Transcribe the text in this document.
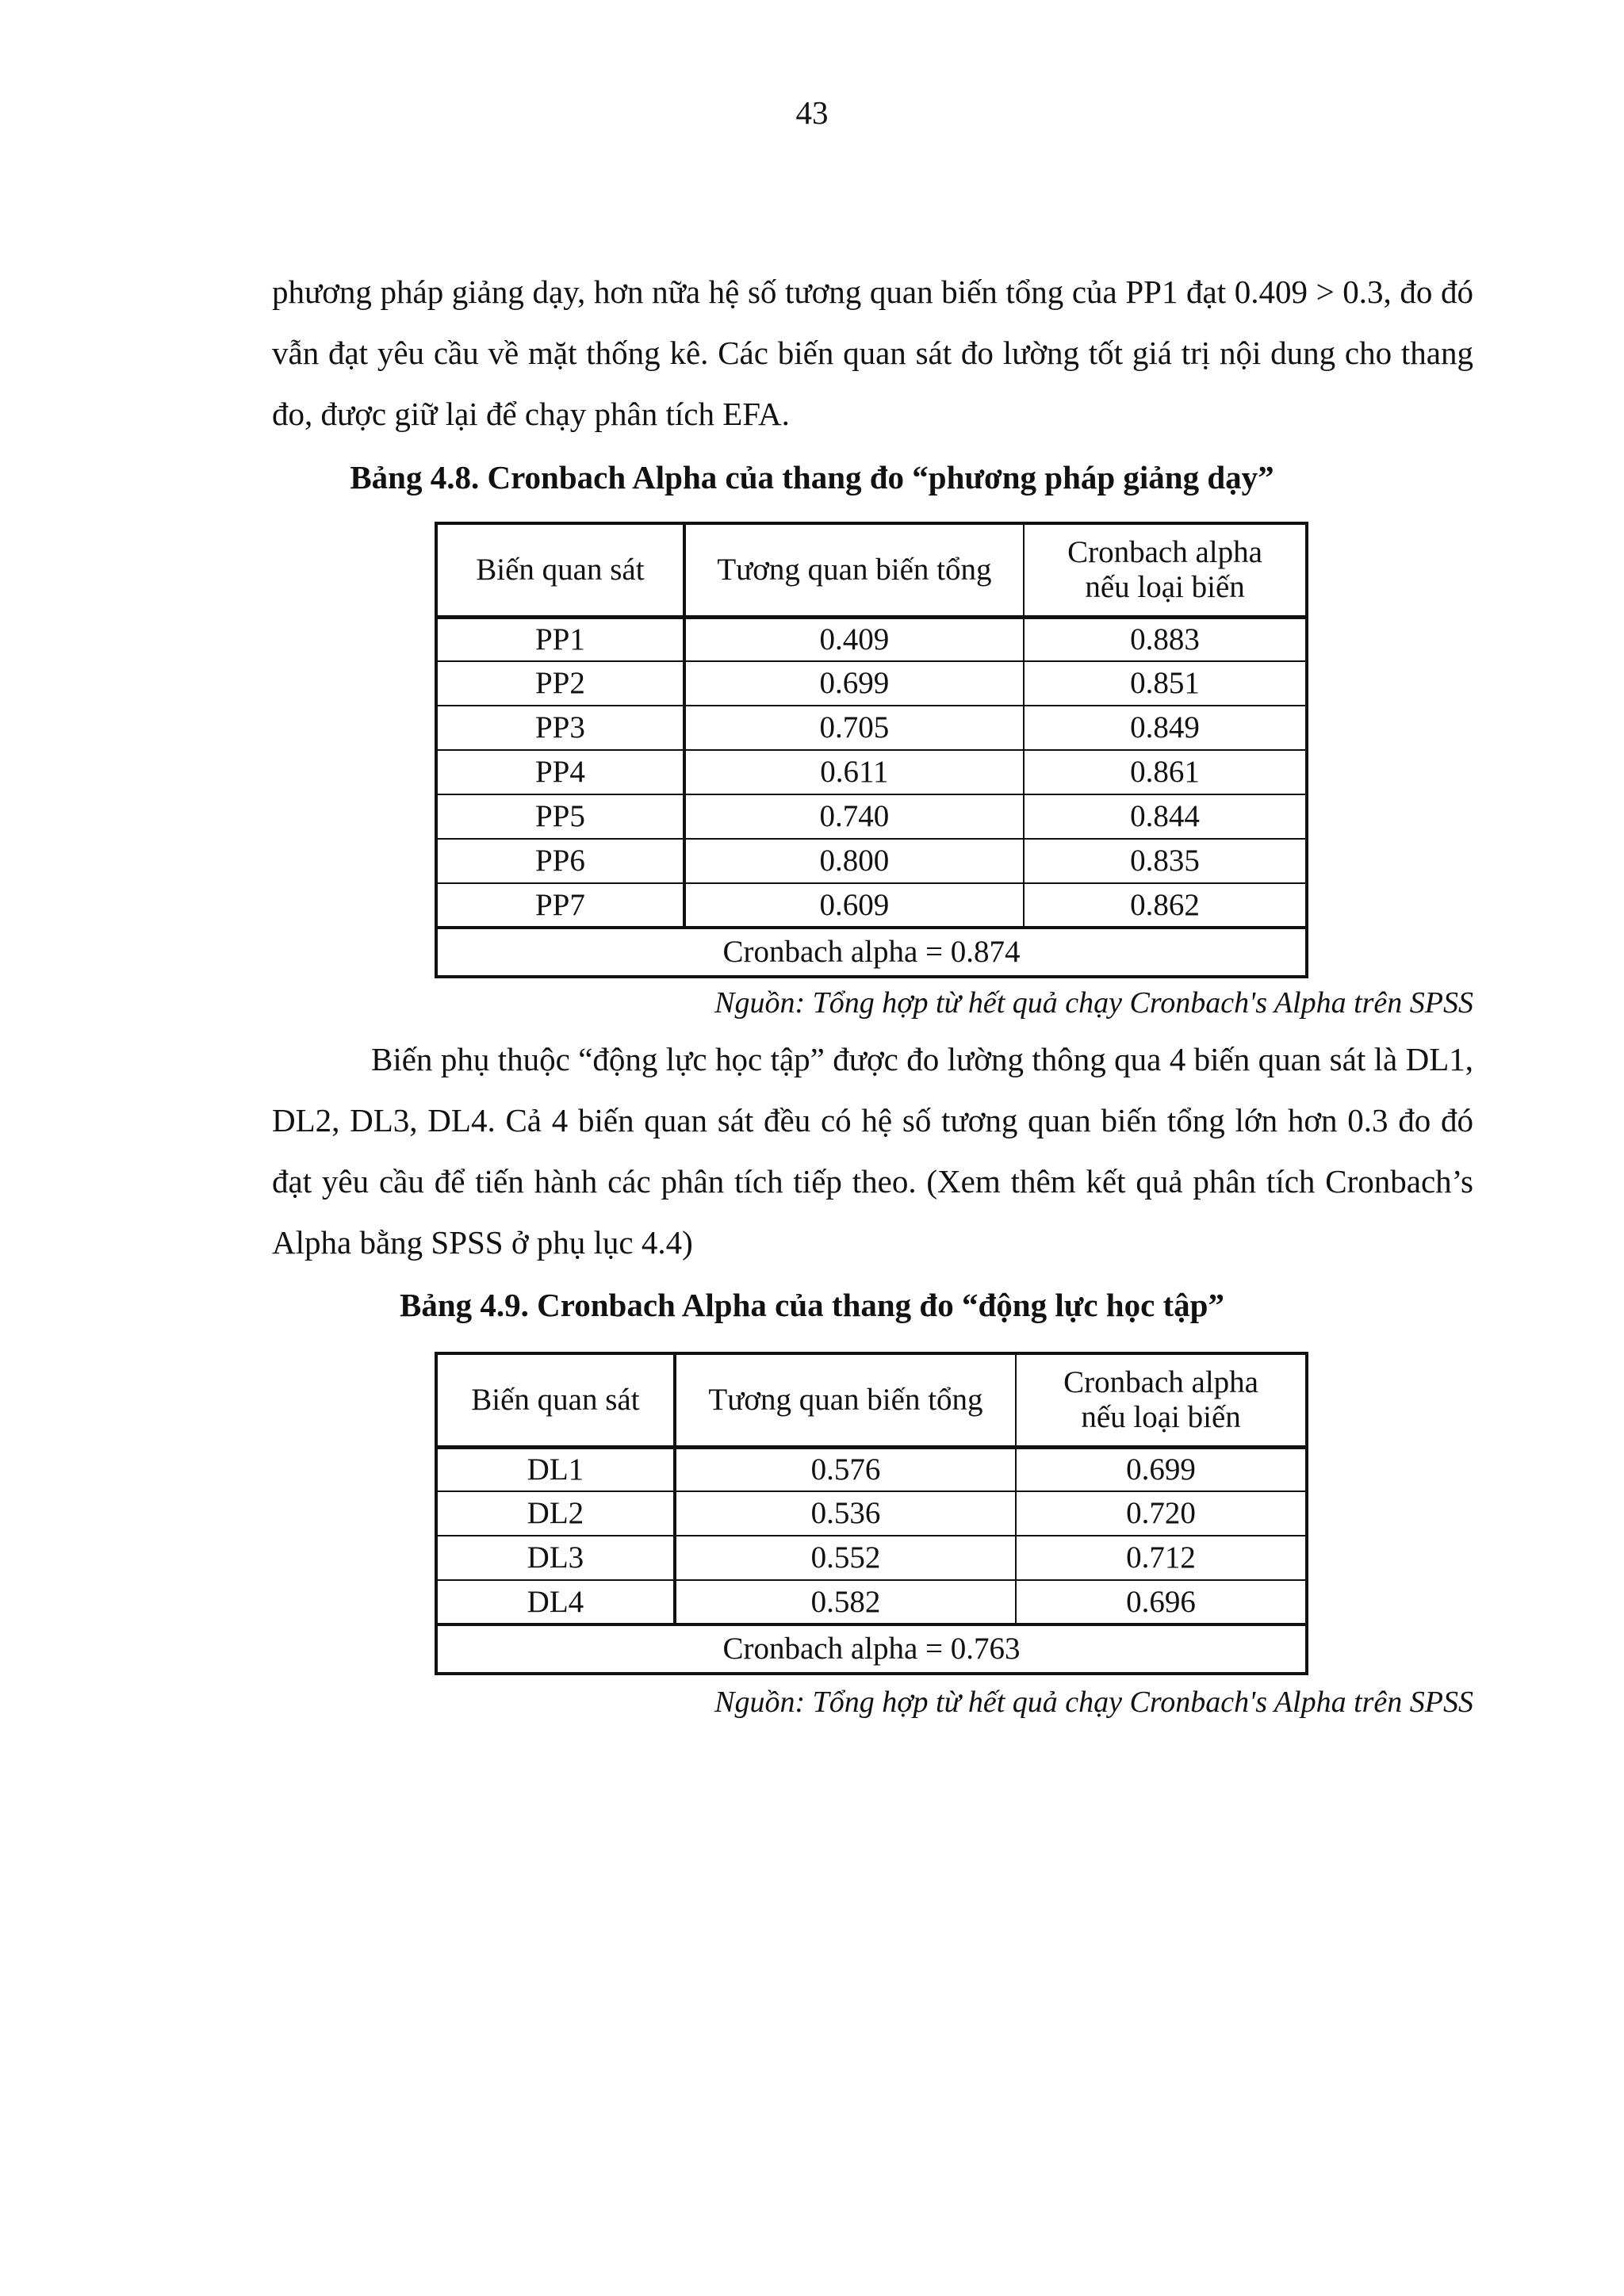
43

phương pháp giảng dạy, hơn nữa hệ số tương quan biến tổng của PP1 đạt 0.409 > 0.3, đo đó vẫn đạt yêu cầu về mặt thống kê. Các biến quan sát đo lường tốt giá trị nội dung cho thang đo, được giữ lại để chạy phân tích EFA.

Bảng 4.8. Cronbach Alpha của thang đo “phương pháp giảng dạy”

Biến quan sát	Tương quan biến tổng	Cronbach alpha
nếu loại biến
PP1	0.409	0.883
PP2	0.699	0.851
PP3	0.705	0.849
PP4	0.611	0.861
PP5	0.740	0.844
PP6	0.800	0.835
PP7	0.609	0.862
Cronbach alpha = 0.874		

Nguồn: Tổng hợp từ hết quả chạy Cronbach's Alpha trên SPSS

Biến phụ thuộc “động lực học tập” được đo lường thông qua 4 biến quan sát là DL1, DL2, DL3, DL4. Cả 4 biến quan sát đều có hệ số tương quan biến tổng lớn hơn 0.3 đo đó đạt yêu cầu để tiến hành các phân tích tiếp theo. (Xem thêm kết quả phân tích Cronbach’s Alpha bằng SPSS ở phụ lục 4.4)

Bảng 4.9. Cronbach Alpha của thang đo “động lực học tập”

Biến quan sát	Tương quan biến tổng	Cronbach alpha
nếu loại biến
DL1	0.576	0.699
DL2	0.536	0.720
DL3	0.552	0.712
DL4	0.582	0.696
Cronbach alpha = 0.763		

Nguồn: Tổng hợp từ hết quả chạy Cronbach's Alpha trên SPSS
